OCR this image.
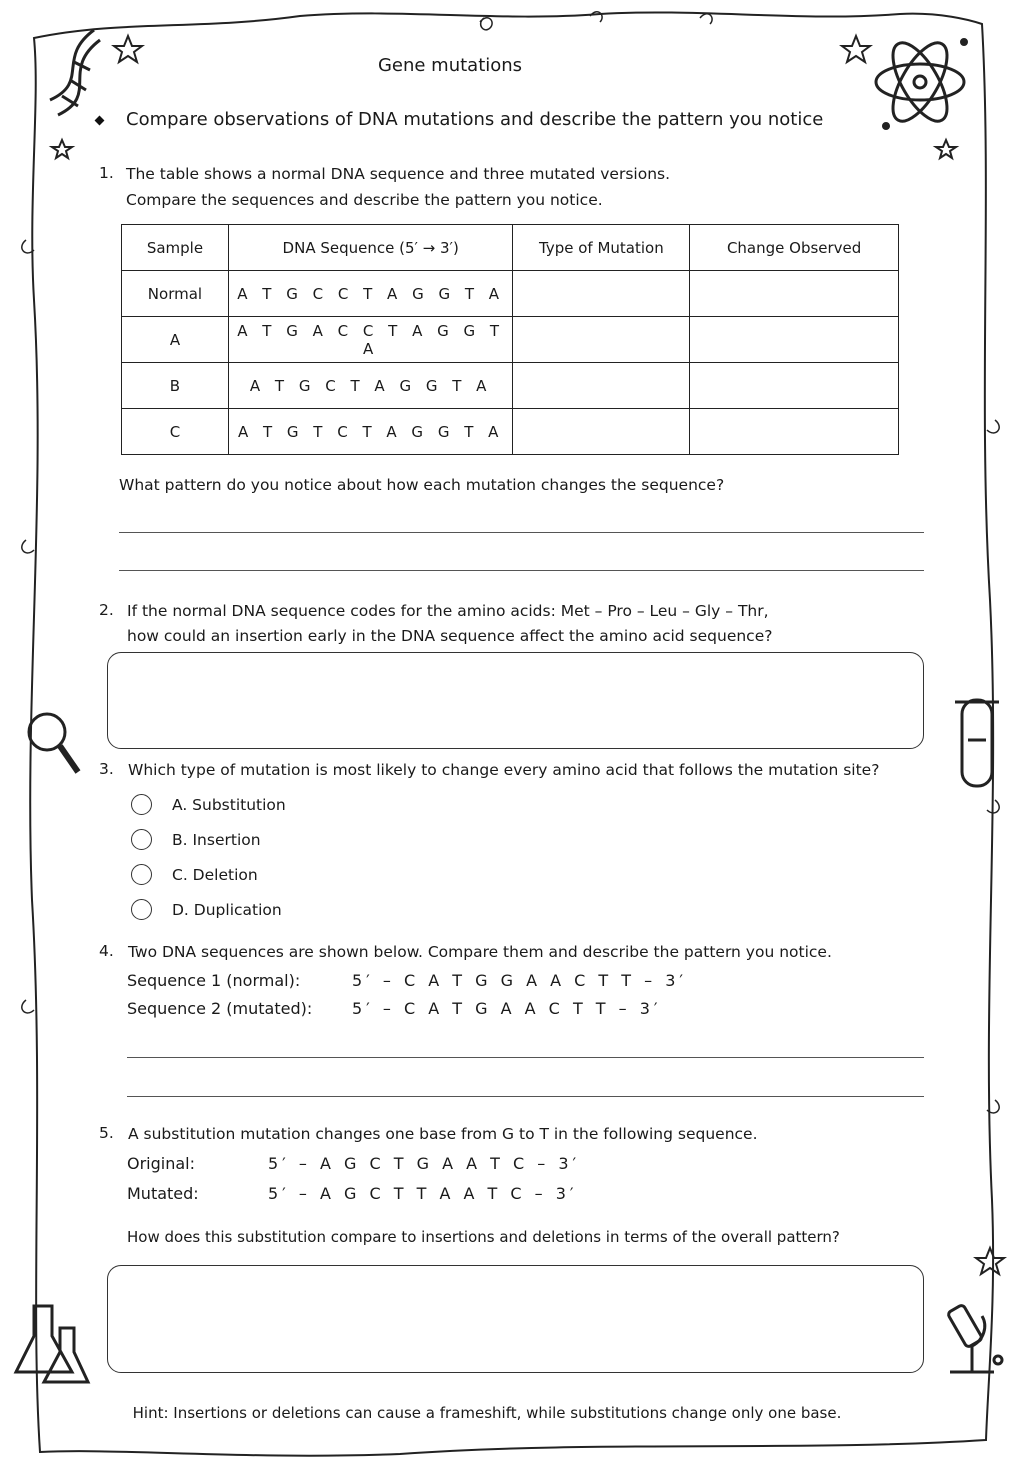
Gene mutations
Compare observations of DNA mutations and describe the pattern you notice
1. The table shows a normal DNA sequence and three mutated versions.
Compare the sequences and describe the pattern you notice.
Sample	DNA Sequence (5′ → 3′)	Type of Mutation	Change Observed
Normal	A T G C C T A G G T A		
A	A T G A C C T A G G T A		
B	A T G C T A G G T A		
C	A T G T C T A G G T A		
What pattern do you notice about how each mutation changes the sequence?
2. If the normal DNA sequence codes for the amino acids: Met – Pro – Leu – Gly – Thr,
how could an insertion early in the DNA sequence affect the amino acid sequence?
3. Which type of mutation is most likely to change every amino acid that follows the mutation site?
A. Substitution
B. Insertion
C. Deletion
D. Duplication
4. Two DNA sequences are shown below. Compare them and describe the pattern you notice.
Sequence 1 (normal):	5′ – C A T G G A A C T T – 3′
Sequence 2 (mutated): 5′ – C A T G A A C T T – 3′
5. A substitution mutation changes one base from G to T in the following sequence.
Original:	5′ – A G C T G A A T C – 3′
Mutated:	5′ – A G C T T A A T C – 3′
How does this substitution compare to insertions and deletions in terms of the overall pattern?
Hint: Insertions or deletions can cause a frameshift, while substitutions change only one base.
